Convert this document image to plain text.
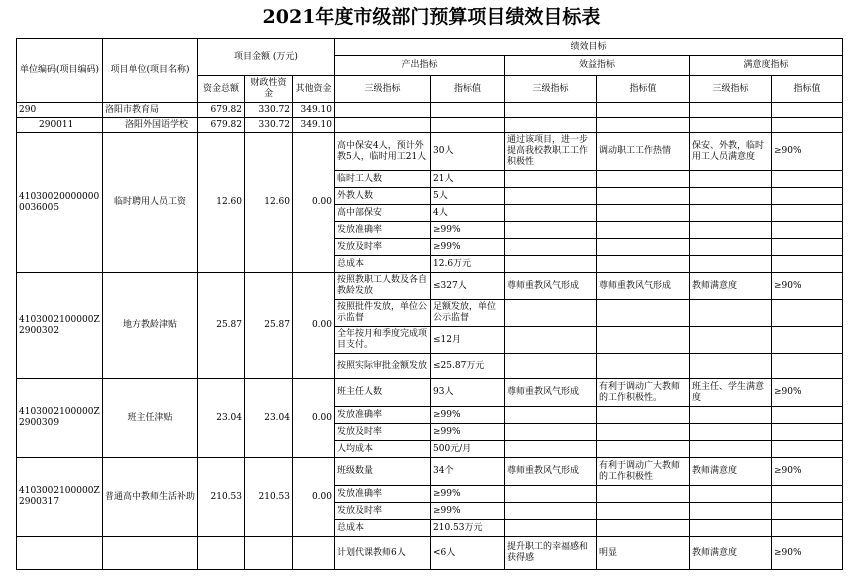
2021年度市级部门预算项目绩效目标表
单位编码(项目编码)	项目单位(项目名称)	项目金额 (万元)			绩效目标					
					产出指标		效益指标		满意度指标	
		资金总额	财政性资金	其他资金	三级指标	指标值	三级指标	指标值	三级指标	指标值
290	洛阳市教育局	679.82	330.72	349.10						
290011	洛阳外国语学校	679.82	330.72	349.10						
410300200000000036005	临时聘用人员工资	12.60	12.60	0.00	高中保安4人，预计外教5人，临时用工21人	30人	通过该项目，进一步提高我校教职工工作积极性	调动职工工作热情	保安、外教，临时用工人员满意度	≥90%
					临时工人数	21人				
					外教人数	5人				
					高中部保安	4人				
					发放准确率	≥99%				
					发放及时率	≥99%				
					总成本	12.6万元				
4103002100000Z2900302	地方教龄津贴	25.87	25.87	0.00	按照教职工人数及各自教龄发放	≤327人	尊师重教风气形成	尊师重教风气形成	教师满意度	≥90%
					按照批件发放，单位公示监督	足额发放，单位公示监督				
					全年按月和季度完成项目支付。	≤12月				
					按照实际审批金额发放	≤25.87万元				
4103002100000Z2900309	班主任津贴	23.04	23.04	0.00	班主任人数	93人	尊师重教风气形成	有利于调动广大教师的工作积极性。	班主任、学生满意度	≥90%
					发放准确率	≥99%				
					发放及时率	≥99%				
					人均成本	500元/月				
4103002100000Z2900317	普通高中教师生活补助	210.53	210.53	0.00	班级数量	34个	尊师重教风气形成	有利于调动广大教师的工作积极性	教师满意度	≥90%
					发放准确率	≥99%				
					发放及时率	≥99%				
					总成本	210.53万元				
					计划代课教师6人	<6人	提升职工的幸福感和获得感	明显	教师满意度	≥90%
